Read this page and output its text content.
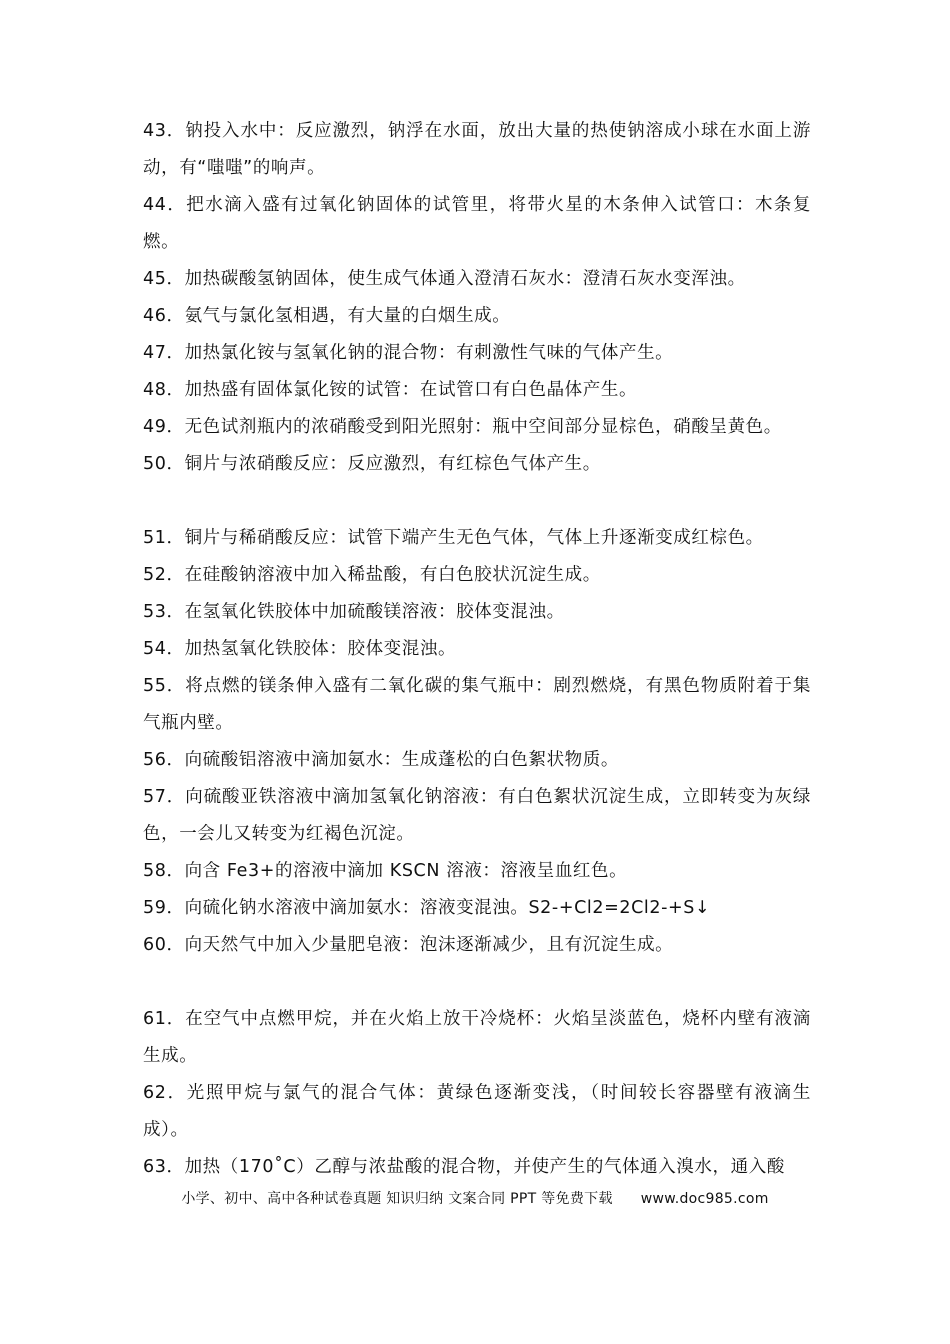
43．钠投入水中：反应激烈，钠浮在水面，放出大量的热使钠溶成小球在水面上游动，有“嗤嗤”的响声。

44．把水滴入盛有过氧化钠固体的试管里，将带火星的木条伸入试管口：木条复燃。

45．加热碳酸氢钠固体，使生成气体通入澄清石灰水：澄清石灰水变浑浊。

46．氨气与氯化氢相遇，有大量的白烟生成。

47．加热氯化铵与氢氧化钠的混合物：有刺激性气味的气体产生。

48．加热盛有固体氯化铵的试管：在试管口有白色晶体产生。

49．无色试剂瓶内的浓硝酸受到阳光照射：瓶中空间部分显棕色，硝酸呈黄色。

50．铜片与浓硝酸反应：反应激烈，有红棕色气体产生。

51．铜片与稀硝酸反应：试管下端产生无色气体，气体上升逐渐变成红棕色。

52．在硅酸钠溶液中加入稀盐酸，有白色胶状沉淀生成。

53．在氢氧化铁胶体中加硫酸镁溶液：胶体变混浊。

54．加热氢氧化铁胶体：胶体变混浊。

55．将点燃的镁条伸入盛有二氧化碳的集气瓶中：剧烈燃烧，有黑色物质附着于集气瓶内壁。

56．向硫酸铝溶液中滴加氨水：生成蓬松的白色絮状物质。

57．向硫酸亚铁溶液中滴加氢氧化钠溶液：有白色絮状沉淀生成，立即转变为灰绿色，一会儿又转变为红褐色沉淀。

58．向含 Fe3+的溶液中滴加 KSCN 溶液：溶液呈血红色。

59．向硫化钠水溶液中滴加氨水：溶液变混浊。S2-+Cl2=2Cl2-+S↓

60．向天然气中加入少量肥皂液：泡沫逐渐减少，且有沉淀生成。

61．在空气中点燃甲烷，并在火焰上放干冷烧杯：火焰呈淡蓝色，烧杯内壁有液滴生成。

62．光照甲烷与氯气的混合气体：黄绿色逐渐变浅，（时间较长容器壁有液滴生成）。

63．加热（170˚C）乙醇与浓盐酸的混合物，并使产生的气体通入溴水，通入酸

小学、初中、高中各种试卷真题 知识归纳 文案合同 PPT 等免费下载 www.doc985.com
